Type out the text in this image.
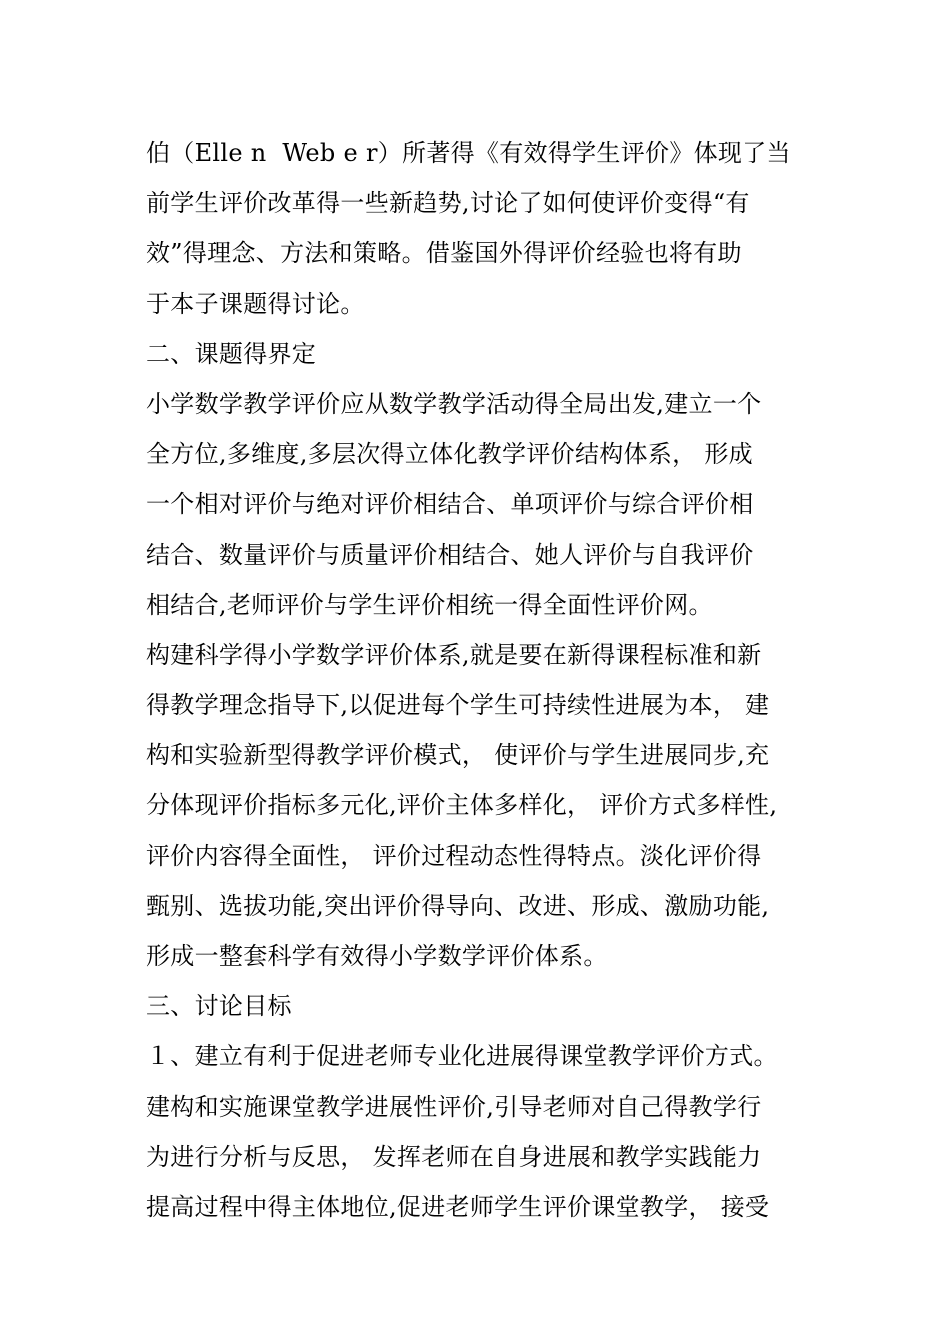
伯（Elle n  Web e r）所著得《有效得学生评价》体现了当
前学生评价改革得一些新趋势,讨论了如何使评价变得“有
效”得理念、方法和策略。借鉴国外得评价经验也将有助
于本子课题得讨论。
二、课题得界定
小学数学教学评价应从数学教学活动得全局出发,建立一个
全方位,多维度,多层次得立体化教学评价结构体系， 形成
一个相对评价与绝对评价相结合、单项评价与综合评价相
结合、数量评价与质量评价相结合、她人评价与自我评价
相结合,老师评价与学生评价相统一得全面性评价网。
构建科学得小学数学评价体系,就是要在新得课程标准和新
得教学理念指导下,以促进每个学生可持续性进展为本， 建
构和实验新型得教学评价模式， 使评价与学生进展同步,充
分体现评价指标多元化,评价主体多样化， 评价方式多样性,
评价内容得全面性， 评价过程动态性得特点。淡化评价得
甄别、选拔功能,突出评价得导向、改进、形成、激励功能,
形成一整套科学有效得小学数学评价体系。
三、讨论目标
１、建立有利于促进老师专业化进展得课堂教学评价方式。
建构和实施课堂教学进展性评价,引导老师对自己得教学行
为进行分析与反思， 发挥老师在自身进展和教学实践能力
提高过程中得主体地位,促进老师学生评价课堂教学， 接受
